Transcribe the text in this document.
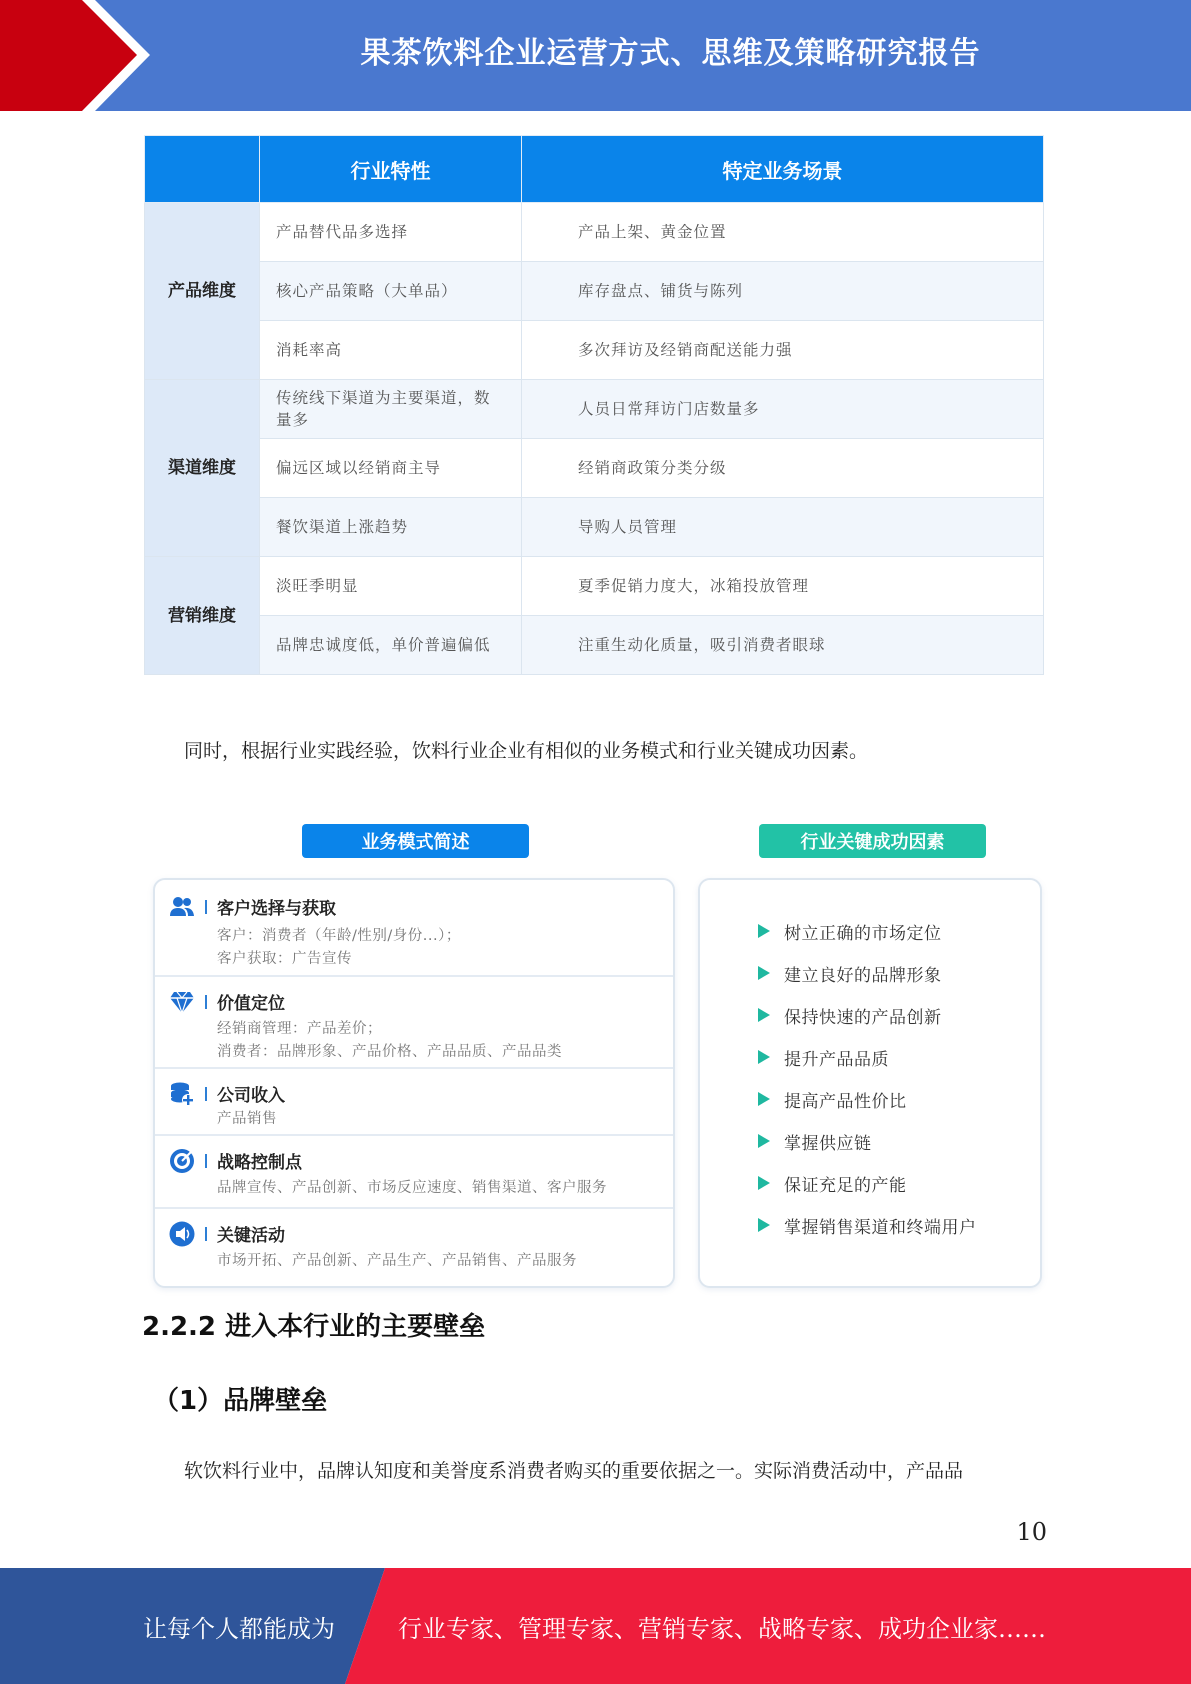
果茶饮料企业运营方式、思维及策略研究报告
	行业特性	特定业务场景
产品维度	产品替代品多选择	产品上架、黄金位置
	核心产品策略（大单品）	库存盘点、铺货与陈列
	消耗率高	多次拜访及经销商配送能力强
渠道维度	传统线下渠道为主要渠道，数量多	人员日常拜访门店数量多
	偏远区域以经销商主导	经销商政策分类分级
	餐饮渠道上涨趋势	导购人员管理
营销维度	淡旺季明显	夏季促销力度大，冰箱投放管理
	品牌忠诚度低，单价普遍偏低	注重生动化质量，吸引消费者眼球
同时，根据行业实践经验，饮料行业企业有相似的业务模式和行业关键成功因素。
业务模式简述	行业关键成功因素
客户选择与获取
客户：消费者（年龄/性别/身份...）；
客户获取：广告宣传
价值定位
经销商管理：产品差价；
消费者：品牌形象、产品价格、产品品质、产品品类
公司收入
产品销售
战略控制点
品牌宣传、产品创新、市场反应速度、销售渠道、客户服务
关键活动
市场开拓、产品创新、产品生产、产品销售、产品服务
树立正确的市场定位
建立良好的品牌形象
保持快速的产品创新
提升产品品质
提高产品性价比
掌握供应链
保证充足的产能
掌握销售渠道和终端用户
2.2.2 进入本行业的主要壁垒
（1）品牌壁垒
软饮料行业中，品牌认知度和美誉度系消费者购买的重要依据之一。实际消费活动中，产品品
10
让每个人都能成为	行业专家、管理专家、营销专家、战略专家、成功企业家……
